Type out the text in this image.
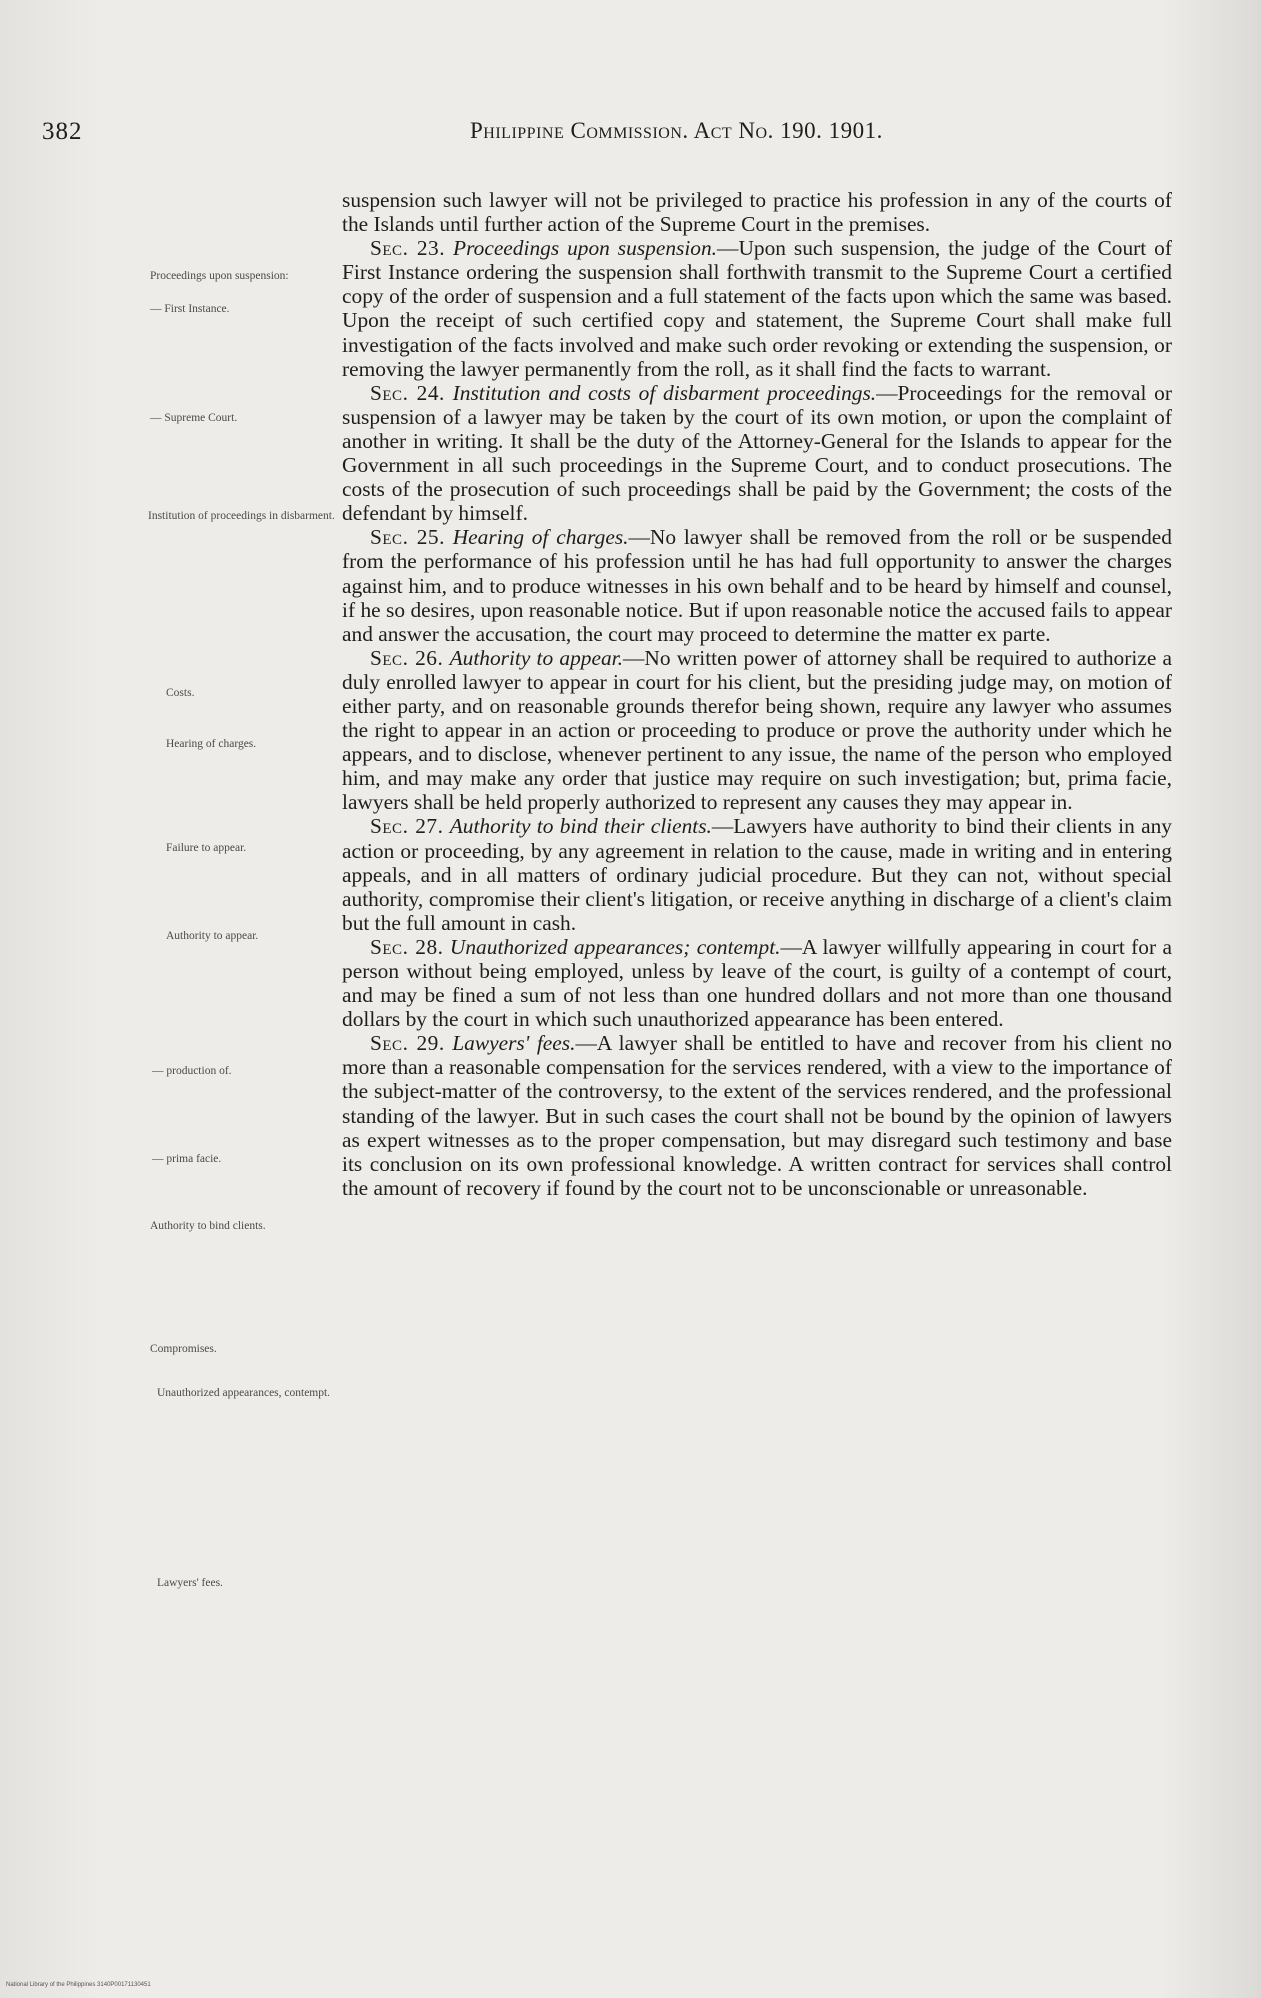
382	Philippine Commission. Act No. 190. 1901.
Proceedings upon suspension:
— First Instance.
— Supreme Court.
Institution of proceedings in disbarment.
Costs.
Hearing of charges.
Failure to appear.
Authority to appear.
— production of.
— prima facie.
Authority to bind clients.
Compromises.
Unauthorized appearances, contempt.
Lawyers' fees.

suspension such lawyer will not be privileged to practice his profession in any of the courts of the Islands until further action of the Supreme Court in the premises.

Sec. 23. Proceedings upon suspension.—Upon such suspension, the judge of the Court of First Instance ordering the suspension shall forthwith transmit to the Supreme Court a certified copy of the order of suspension and a full statement of the facts upon which the same was based. Upon the receipt of such certified copy and statement, the Supreme Court shall make full investigation of the facts involved and make such order revoking or extending the suspension, or removing the lawyer permanently from the roll, as it shall find the facts to warrant.

Sec. 24. Institution and costs of disbarment proceedings.—Proceedings for the removal or suspension of a lawyer may be taken by the court of its own motion, or upon the complaint of another in writing. It shall be the duty of the Attorney-General for the Islands to appear for the Government in all such proceedings in the Supreme Court, and to conduct prosecutions. The costs of the prosecution of such proceedings shall be paid by the Government; the costs of the defendant by himself.

Sec. 25. Hearing of charges.—No lawyer shall be removed from the roll or be suspended from the performance of his profession until he has had full opportunity to answer the charges against him, and to produce witnesses in his own behalf and to be heard by himself and counsel, if he so desires, upon reasonable notice. But if upon reasonable notice the accused fails to appear and answer the accusation, the court may proceed to determine the matter ex parte.

Sec. 26. Authority to appear.—No written power of attorney shall be required to authorize a duly enrolled lawyer to appear in court for his client, but the presiding judge may, on motion of either party, and on reasonable grounds therefor being shown, require any lawyer who assumes the right to appear in an action or proceeding to produce or prove the authority under which he appears, and to disclose, whenever pertinent to any issue, the name of the person who employed him, and may make any order that justice may require on such investigation; but, prima facie, lawyers shall be held properly authorized to represent any causes they may appear in.

Sec. 27. Authority to bind their clients.—Lawyers have authority to bind their clients in any action or proceeding, by any agreement in relation to the cause, made in writing and in entering appeals, and in all matters of ordinary judicial procedure. But they can not, without special authority, compromise their client's litigation, or receive anything in discharge of a client's claim but the full amount in cash.

Sec. 28. Unauthorized appearances; contempt.—A lawyer willfully appearing in court for a person without being employed, unless by leave of the court, is guilty of a contempt of court, and may be fined a sum of not less than one hundred dollars and not more than one thousand dollars by the court in which such unauthorized appearance has been entered.

Sec. 29. Lawyers' fees.—A lawyer shall be entitled to have and recover from his client no more than a reasonable compensation for the services rendered, with a view to the importance of the subject-matter of the controversy, to the extent of the services rendered, and the professional standing of the lawyer. But in such cases the court shall not be bound by the opinion of lawyers as expert witnesses as to the proper compensation, but may disregard such testimony and base its conclusion on its own professional knowledge. A written contract for services shall control the amount of recovery if found by the court not to be unconscionable or unreasonable.

National Library of the Philippines 3140P00171130451
